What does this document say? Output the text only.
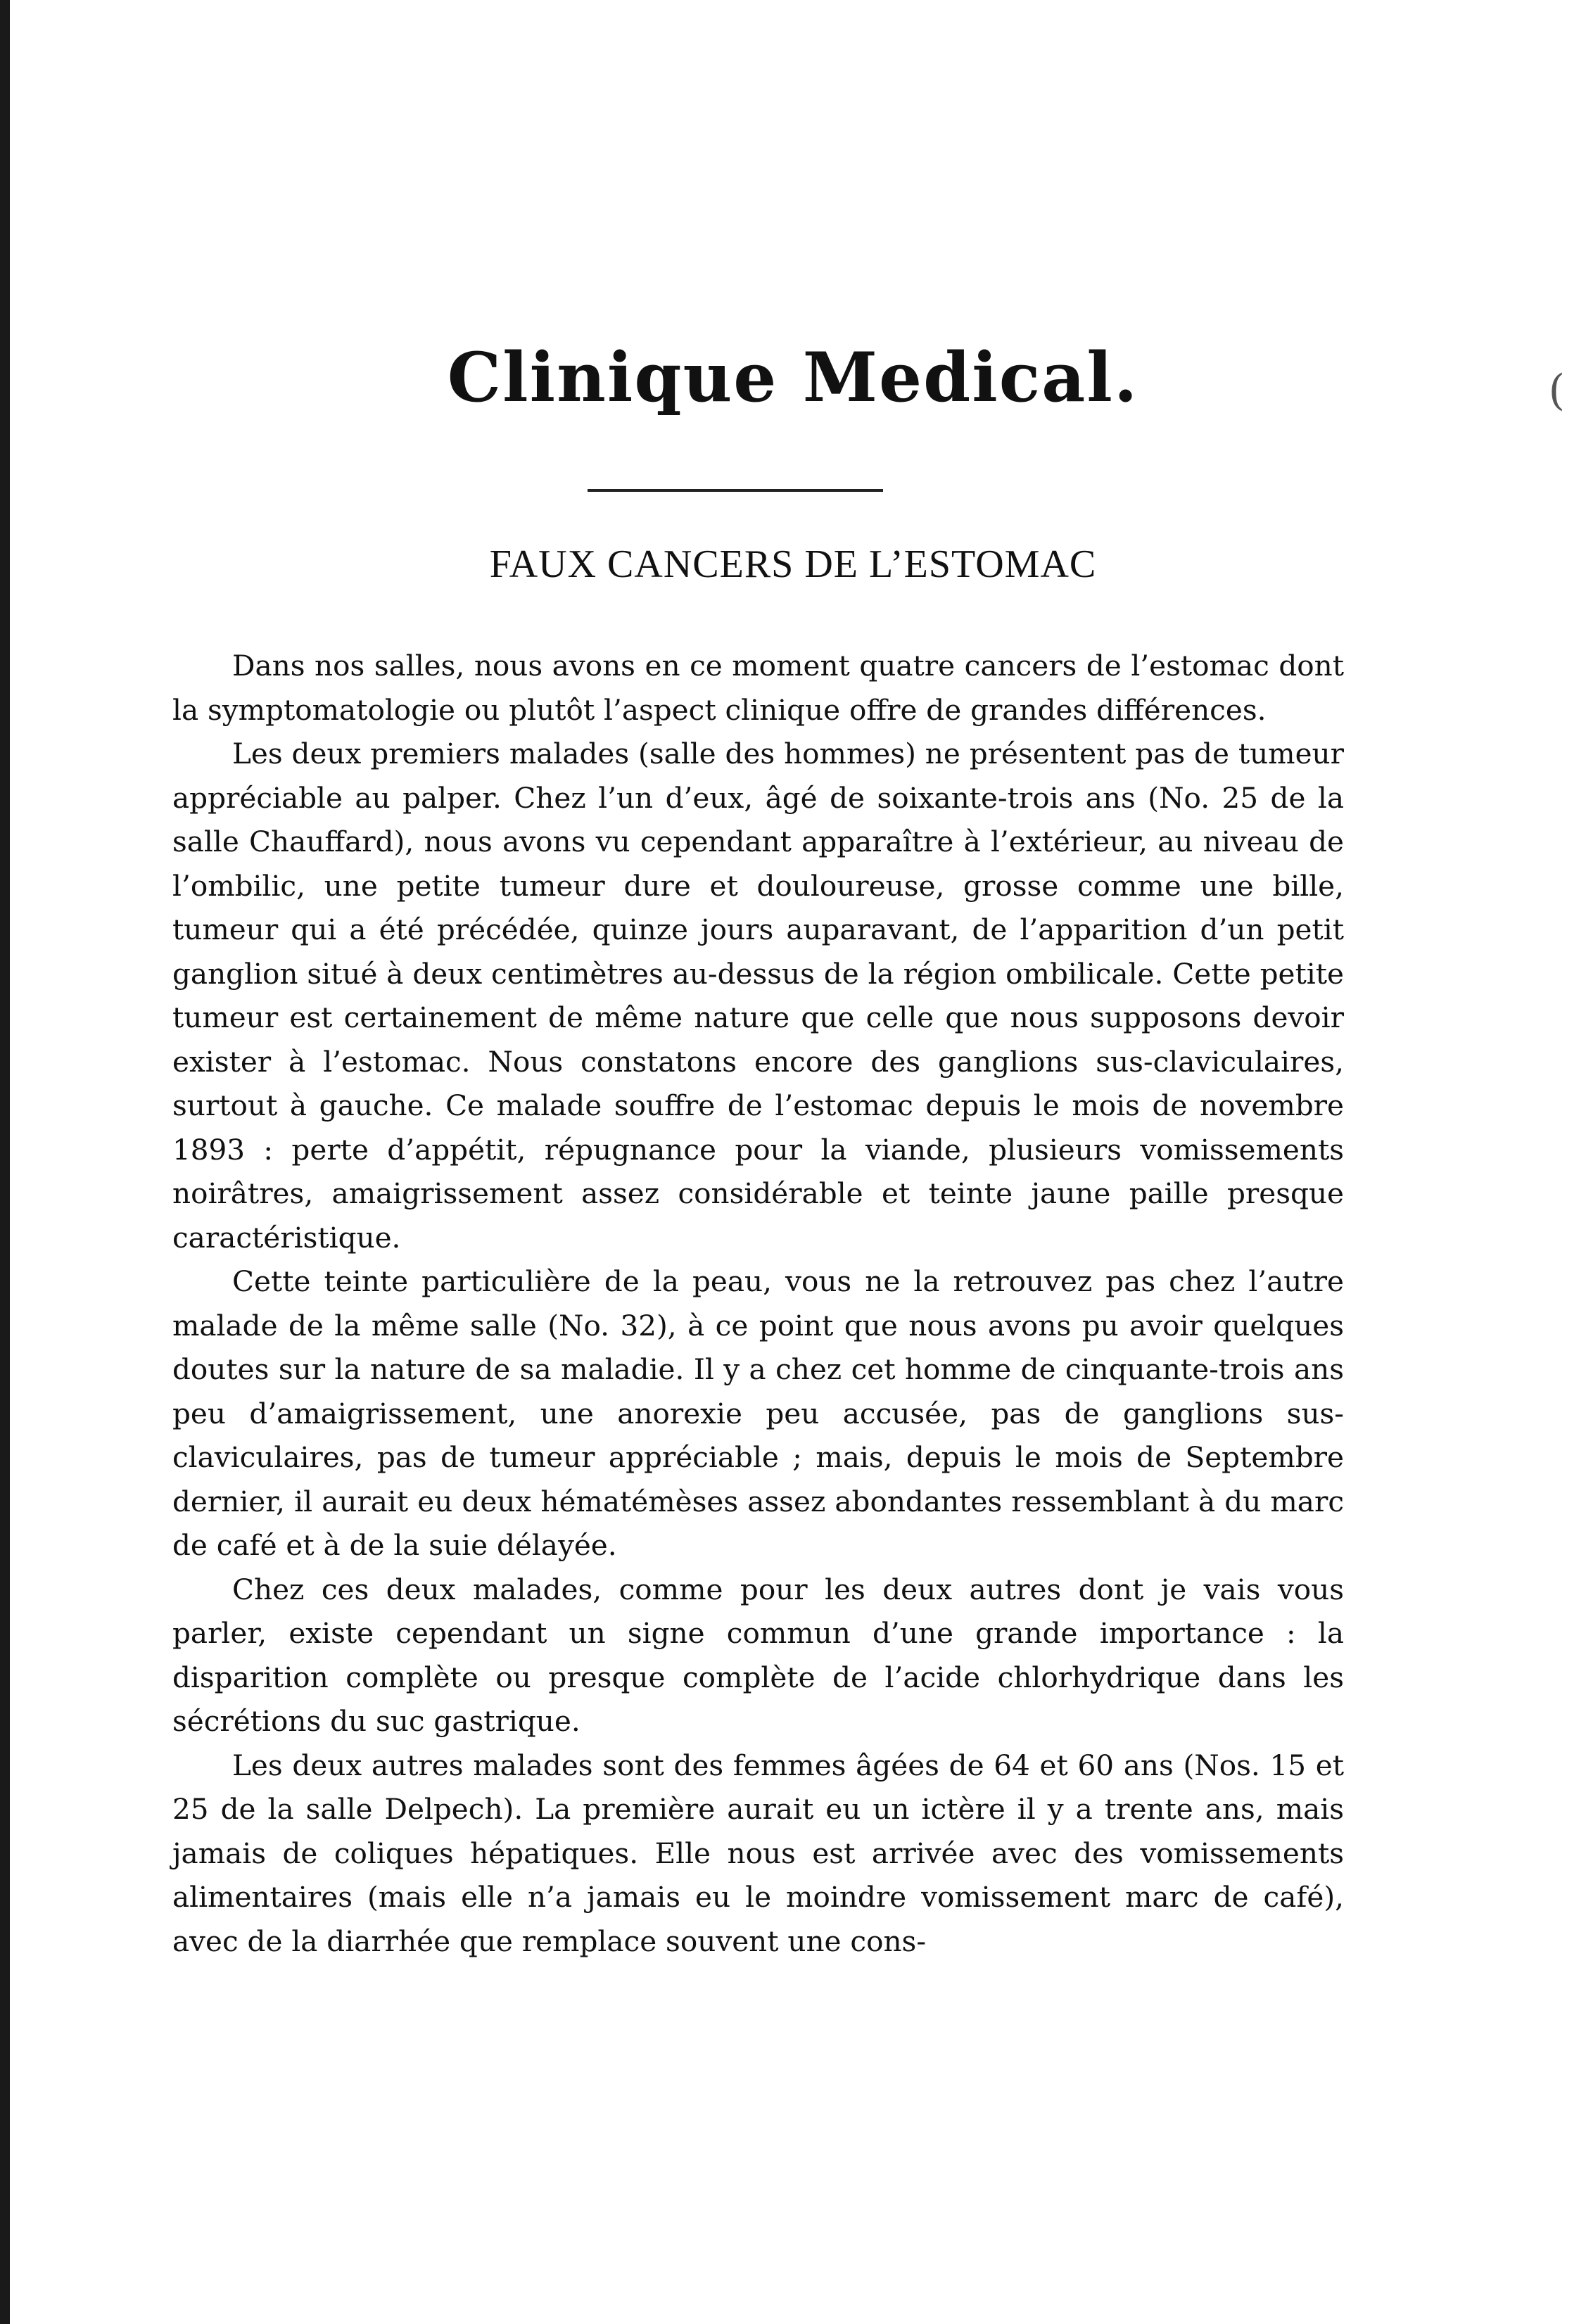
(
Clinique Medical.
FAUX CANCERS DE L’ESTOMAC

Dans nos salles, nous avons en ce moment quatre cancers de l’estomac dont la symptomatologie ou plutôt l’aspect clinique offre de grandes différences.

Les deux premiers malades (salle des hommes) ne présentent pas de tumeur appréciable au palper. Chez l’un d’eux, âgé de soixante-trois ans (No. 25 de la salle Chauffard), nous avons vu cependant apparaître à l’extérieur, au niveau de l’ombilic, une petite tumeur dure et douloureuse, grosse comme une bille, tumeur qui a été précédée, quinze jours auparavant, de l’apparition d’un petit ganglion situé à deux centimètres au-dessus de la région ombilicale. Cette petite tumeur est certainement de même nature que celle que nous supposons devoir exister à l’estomac. Nous constatons encore des ganglions sus-claviculaires, surtout à gauche. Ce malade souffre de l’estomac depuis le mois de novembre 1893 : perte d’appétit, répugnance pour la viande, plusieurs vomissements noirâtres, amaigrissement assez considérable et teinte jaune paille presque caractéristique.

Cette teinte particulière de la peau, vous ne la retrouvez pas chez l’autre malade de la même salle (No. 32), à ce point que nous avons pu avoir quelques doutes sur la nature de sa maladie. Il y a chez cet homme de cinquante-trois ans peu d’amaigrissement, une anorexie peu accusée, pas de ganglions sus-claviculaires, pas de tumeur appréciable ; mais, depuis le mois de Septembre dernier, il aurait eu deux hématémèses assez abondantes ressemblant à du marc de café et à de la suie délayée.

Chez ces deux malades, comme pour les deux autres dont je vais vous parler, existe cependant un signe commun d’une grande importance : la disparition complète ou presque complète de l’acide chlorhydrique dans les sécrétions du suc gastrique.

Les deux autres malades sont des femmes âgées de 64 et 60 ans (Nos. 15 et 25 de la salle Delpech). La première aurait eu un ictère il y a trente ans, mais jamais de coliques hépatiques. Elle nous est arrivée avec des vomissements alimentaires (mais elle n’a jamais eu le moindre vomissement marc de café), avec de la diarrhée que remplace souvent une cons-
